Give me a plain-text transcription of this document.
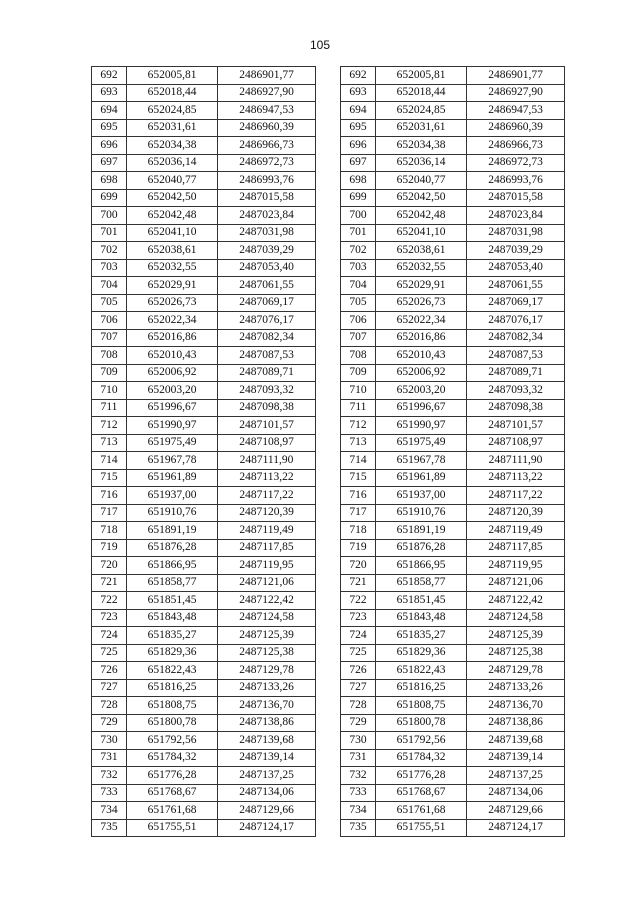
105
692	652005,81	2486901,77
693	652018,44	2486927,90
694	652024,85	2486947,53
695	652031,61	2486960,39
696	652034,38	2486966,73
697	652036,14	2486972,73
698	652040,77	2486993,76
699	652042,50	2487015,58
700	652042,48	2487023,84
701	652041,10	2487031,98
702	652038,61	2487039,29
703	652032,55	2487053,40
704	652029,91	2487061,55
705	652026,73	2487069,17
706	652022,34	2487076,17
707	652016,86	2487082,34
708	652010,43	2487087,53
709	652006,92	2487089,71
710	652003,20	2487093,32
711	651996,67	2487098,38
712	651990,97	2487101,57
713	651975,49	2487108,97
714	651967,78	2487111,90
715	651961,89	2487113,22
716	651937,00	2487117,22
717	651910,76	2487120,39
718	651891,19	2487119,49
719	651876,28	2487117,85
720	651866,95	2487119,95
721	651858,77	2487121,06
722	651851,45	2487122,42
723	651843,48	2487124,58
724	651835,27	2487125,39
725	651829,36	2487125,38
726	651822,43	2487129,78
727	651816,25	2487133,26
728	651808,75	2487136,70
729	651800,78	2487138,86
730	651792,56	2487139,68
731	651784,32	2487139,14
732	651776,28	2487137,25
733	651768,67	2487134,06
734	651761,68	2487129,66
735	651755,51	2487124,17
692	652005,81	2486901,77
693	652018,44	2486927,90
694	652024,85	2486947,53
695	652031,61	2486960,39
696	652034,38	2486966,73
697	652036,14	2486972,73
698	652040,77	2486993,76
699	652042,50	2487015,58
700	652042,48	2487023,84
701	652041,10	2487031,98
702	652038,61	2487039,29
703	652032,55	2487053,40
704	652029,91	2487061,55
705	652026,73	2487069,17
706	652022,34	2487076,17
707	652016,86	2487082,34
708	652010,43	2487087,53
709	652006,92	2487089,71
710	652003,20	2487093,32
711	651996,67	2487098,38
712	651990,97	2487101,57
713	651975,49	2487108,97
714	651967,78	2487111,90
715	651961,89	2487113,22
716	651937,00	2487117,22
717	651910,76	2487120,39
718	651891,19	2487119,49
719	651876,28	2487117,85
720	651866,95	2487119,95
721	651858,77	2487121,06
722	651851,45	2487122,42
723	651843,48	2487124,58
724	651835,27	2487125,39
725	651829,36	2487125,38
726	651822,43	2487129,78
727	651816,25	2487133,26
728	651808,75	2487136,70
729	651800,78	2487138,86
730	651792,56	2487139,68
731	651784,32	2487139,14
732	651776,28	2487137,25
733	651768,67	2487134,06
734	651761,68	2487129,66
735	651755,51	2487124,17
